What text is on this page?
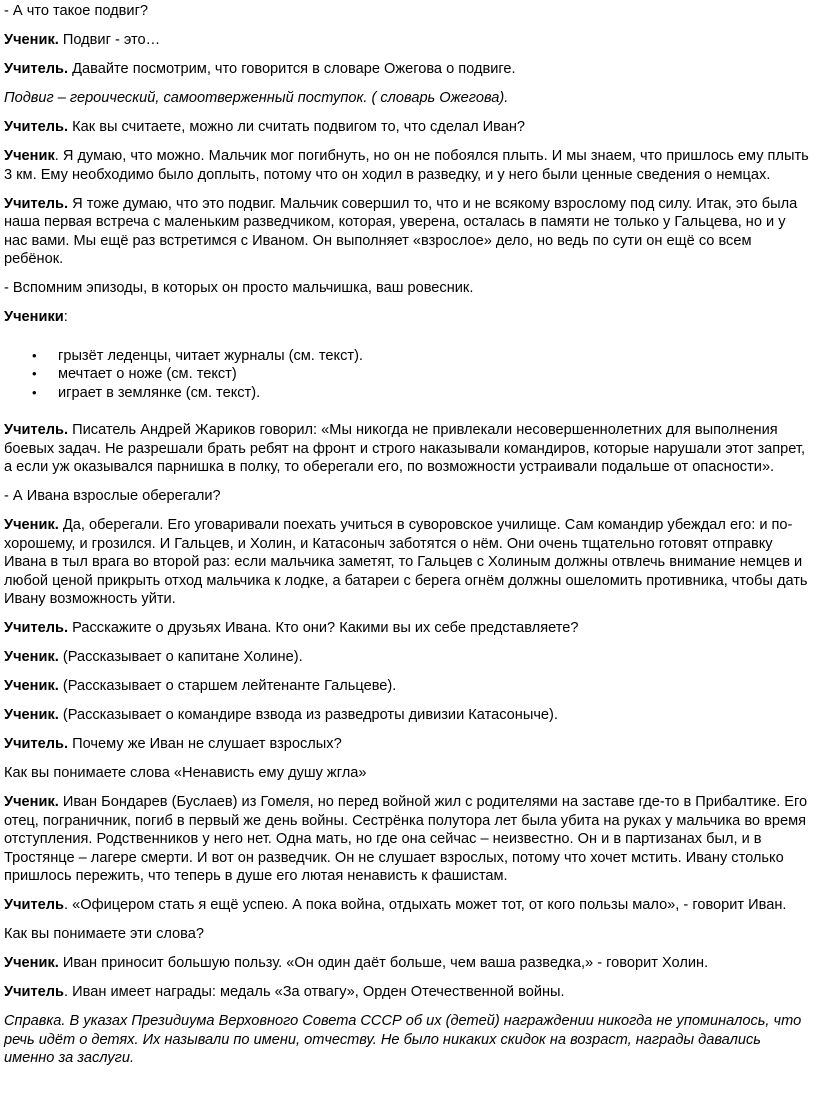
- А что такое подвиг?

Ученик. Подвиг - это…

Учитель. Давайте посмотрим, что говорится в словаре Ожегова о подвиге.

Подвиг – героический, самоотверженный поступок. ( словарь Ожегова).

Учитель. Как вы считаете, можно ли считать подвигом то, что сделал Иван?

Ученик. Я думаю, что можно. Мальчик мог погибнуть, но он не побоялся плыть. И мы знаем, что пришлось ему плыть 3 км. Ему необходимо было доплыть, потому что он ходил в разведку, и у него были ценные сведения о немцах.

Учитель. Я тоже думаю, что это подвиг. Мальчик совершил то, что и не всякому взрослому под силу. Итак, это была наша первая встреча с маленьким разведчиком, которая, уверена, осталась в памяти не только у Гальцева, но и у нас вами. Мы ещё раз встретимся с Иваном. Он выполняет «взрослое» дело, но ведь по сути он ещё со всем ребёнок.

- Вспомним эпизоды, в которых он просто мальчишка, ваш ровесник.

Ученики:

• грызёт леденцы, читает журналы (см. текст).
• мечтает о ноже (см. текст)
• играет в землянке (см. текст).

Учитель. Писатель Андрей Жариков говорил: «Мы никогда не привлекали несовершеннолетних для выполнения боевых задач. Не разрешали брать ребят на фронт и строго наказывали командиров, которые нарушали этот запрет, а если уж оказывался парнишка в полку, то оберегали его, по возможности устраивали подальше от опасности».

- А Ивана взрослые оберегали?

Ученик. Да, оберегали. Его уговаривали поехать учиться в суворовское училище. Сам командир убеждал его: и по- хорошему, и грозился. И Гальцев, и Холин, и Катасоныч заботятся о нём. Они очень тщательно готовят отправку Ивана в тыл врага во второй раз: если мальчика заметят, то Гальцев с Холиным должны отвлечь внимание немцев и любой ценой прикрыть отход мальчика к лодке, а батареи с берега огнём должны ошеломить противника, чтобы дать Ивану возможность уйти.

Учитель. Расскажите о друзьях Ивана. Кто они? Какими вы их себе представляете?

Ученик. (Рассказывает о капитане Холине).

Ученик. (Рассказывает о старшем лейтенанте Гальцеве).

Ученик. (Рассказывает о командире взвода из разведроты дивизии Катасоныче).

Учитель. Почему же Иван не слушает взрослых?

Как вы понимаете слова «Ненависть ему душу жгла»

Ученик. Иван Бондарев (Буслаев) из Гомеля, но перед войной жил с родителями на заставе где-то в Прибалтике. Его отец, пограничник, погиб в первый же день войны. Сестрёнка полутора лет была убита на руках у мальчика во время отступления. Родственников у него нет. Одна мать, но где она сейчас – неизвестно. Он и в партизанах был, и в Тростянце – лагере смерти. И вот он разведчик. Он не слушает взрослых, потому что хочет мстить. Ивану столько пришлось пережить, что теперь в душе его лютая ненависть к фашистам.

Учитель. «Офицером стать я ещё успею. А пока война, отдыхать может тот, от кого пользы мало», - говорит Иван.

Как вы понимаете эти слова?

Ученик. Иван приносит большую пользу. «Он один даёт больше, чем ваша разведка,» - говорит Холин.

Учитель. Иван имеет награды: медаль «За отвагу», Орден Отечественной войны.

Справка. В указах Президиума Верховного Совета СССР об их (детей) награждении никогда не упоминалось, что речь идёт о детях. Их называли по имени, отчеству. Не было никаких скидок на возраст, награды давались именно за заслуги.
